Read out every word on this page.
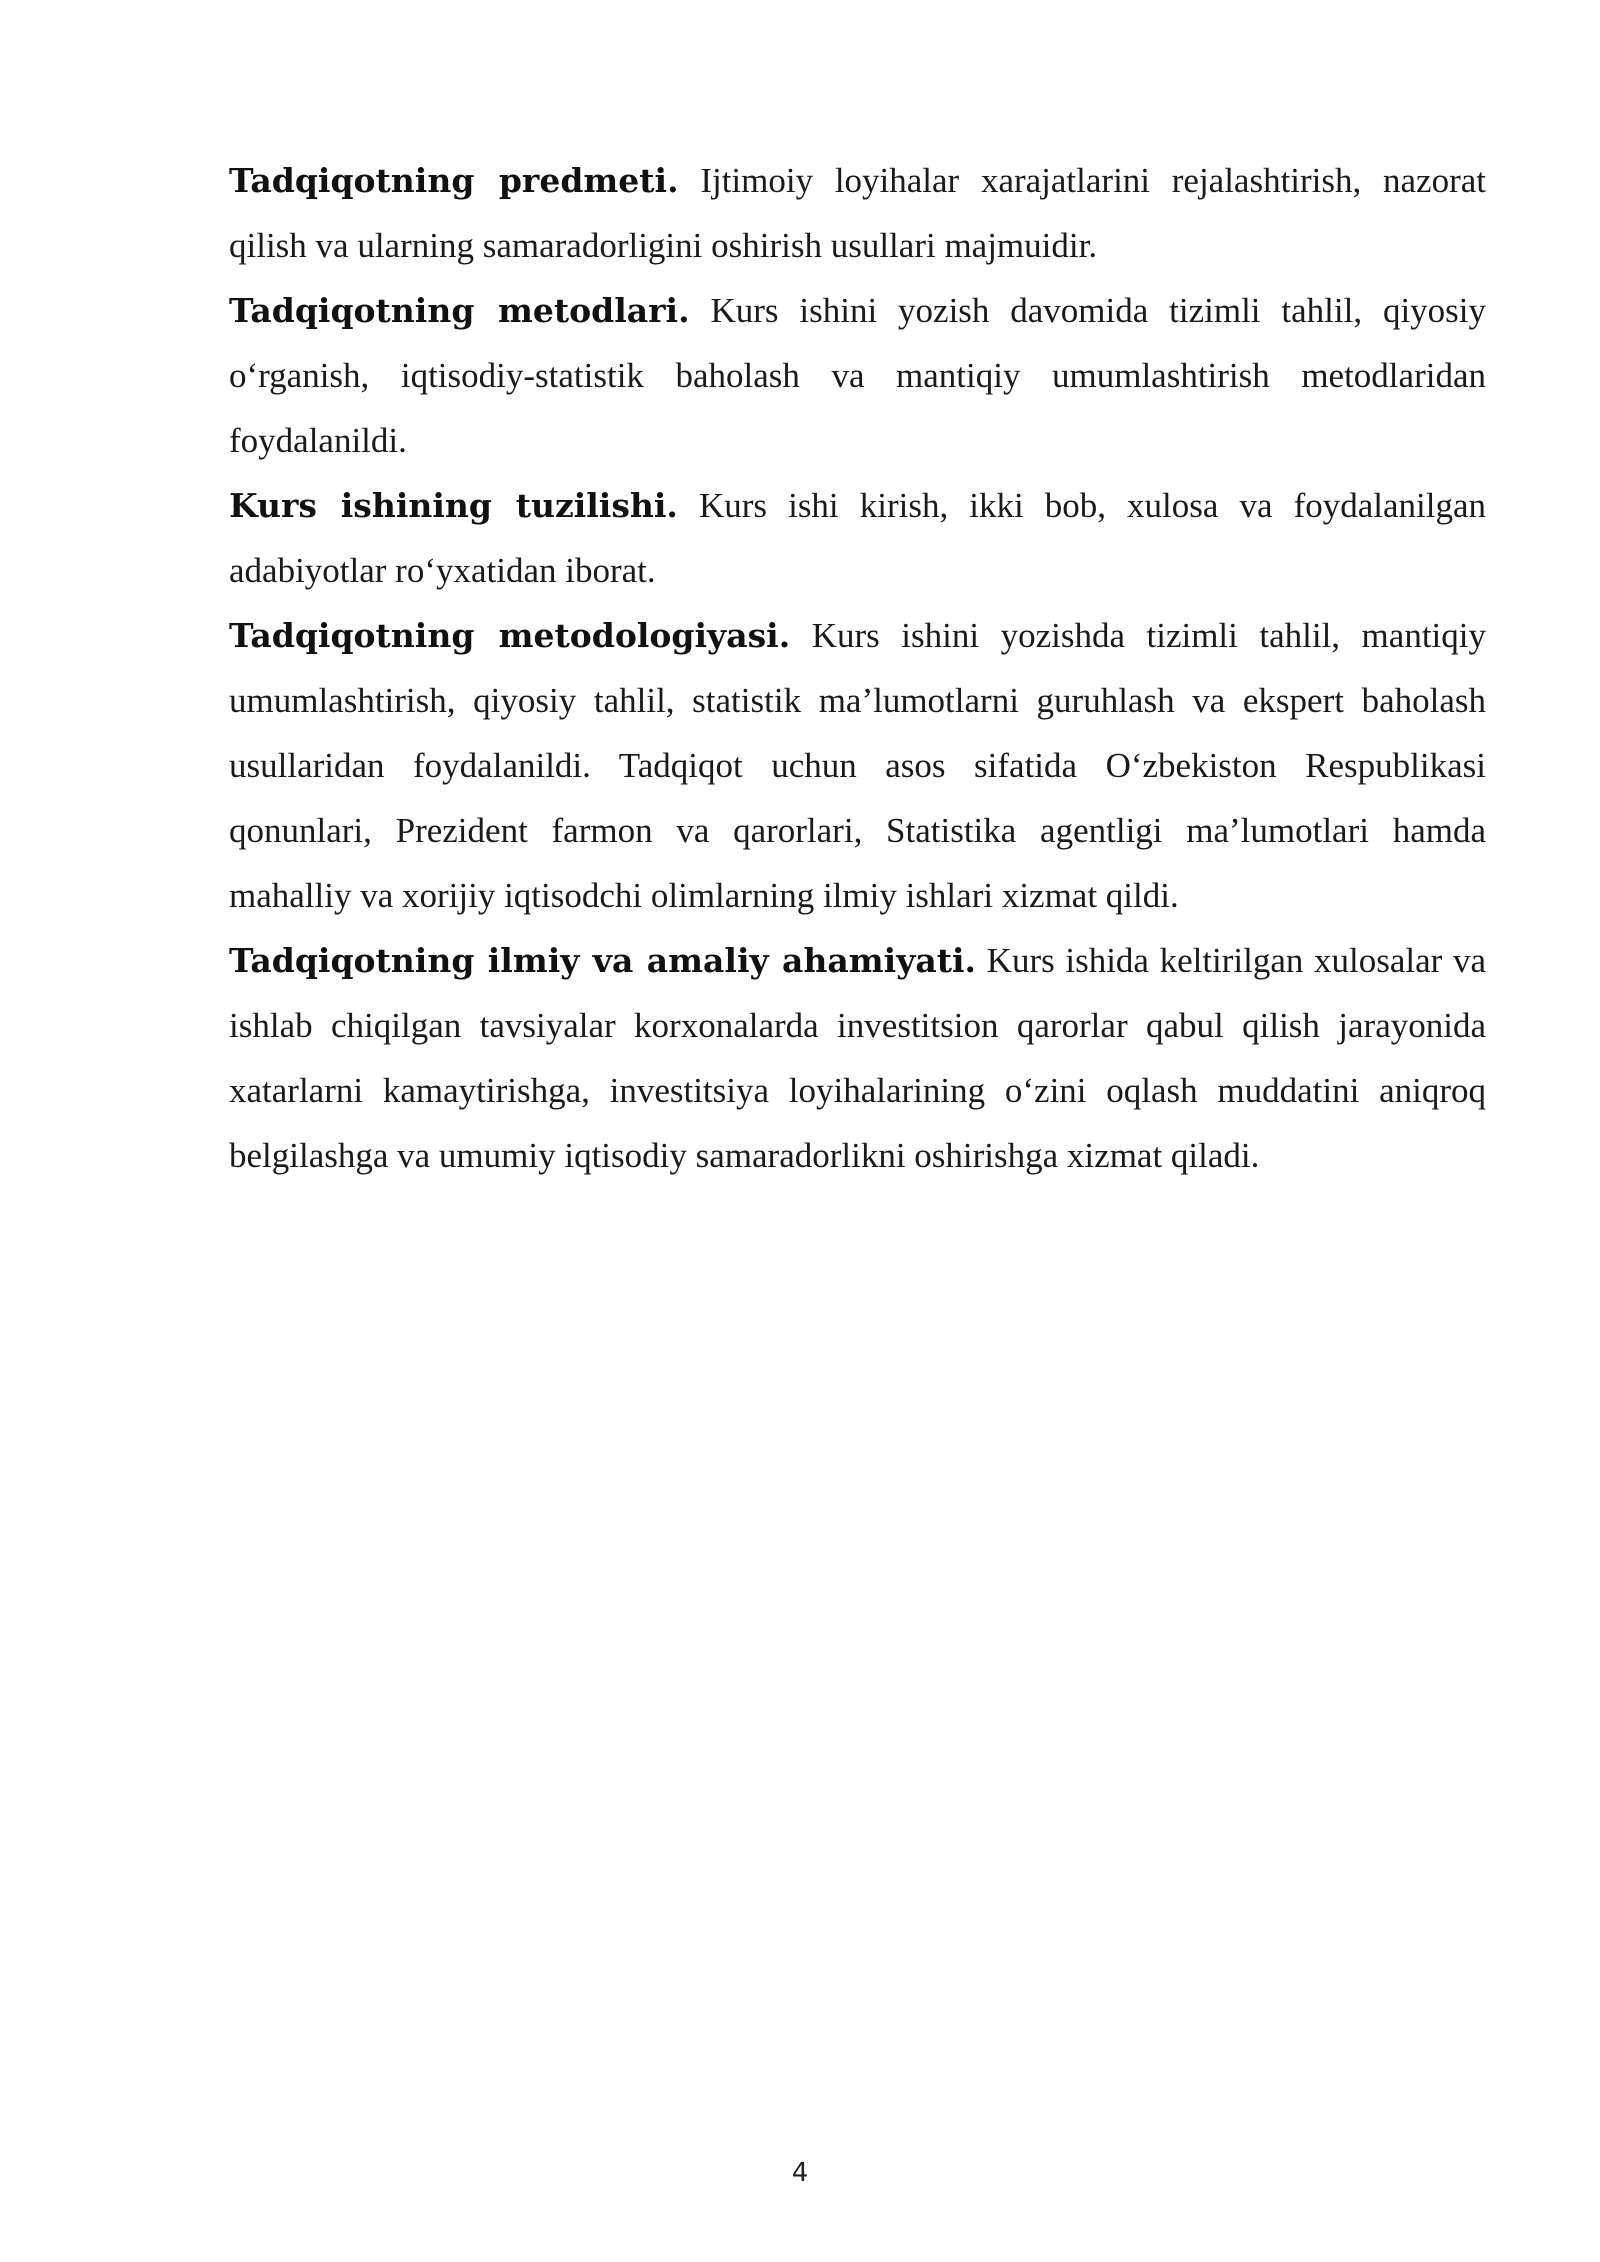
Tadqiqotning predmeti. Ijtimoiy loyihalar xarajatlarini rejalashtirish, nazorat qilish va ularning samaradorligini oshirish usullari majmuidir.

Tadqiqotning metodlari. Kurs ishini yozish davomida tizimli tahlil, qiyosiy o‘rganish, iqtisodiy-statistik baholash va mantiqiy umumlashtirish metodlaridan foydalanildi.

Kurs ishining tuzilishi. Kurs ishi kirish, ikki bob, xulosa va foydalanilgan adabiyotlar ro‘yxatidan iborat.

Tadqiqotning metodologiyasi. Kurs ishini yozishda tizimli tahlil, mantiqiy umumlashtirish, qiyosiy tahlil, statistik ma’lumotlarni guruhlash va ekspert baholash usullaridan foydalanildi. Tadqiqot uchun asos sifatida O‘zbekiston Respublikasi qonunlari, Prezident farmon va qarorlari, Statistika agentligi ma’lumotlari hamda mahalliy va xorijiy iqtisodchi olimlarning ilmiy ishlari xizmat qildi.

Tadqiqotning ilmiy va amaliy ahamiyati. Kurs ishida keltirilgan xulosalar va ishlab chiqilgan tavsiyalar korxonalarda investitsion qarorlar qabul qilish jarayonida xatarlarni kamaytirishga, investitsiya loyihalarining o‘zini oqlash muddatini aniqroq belgilashga va umumiy iqtisodiy samaradorlikni oshirishga xizmat qiladi.

4
